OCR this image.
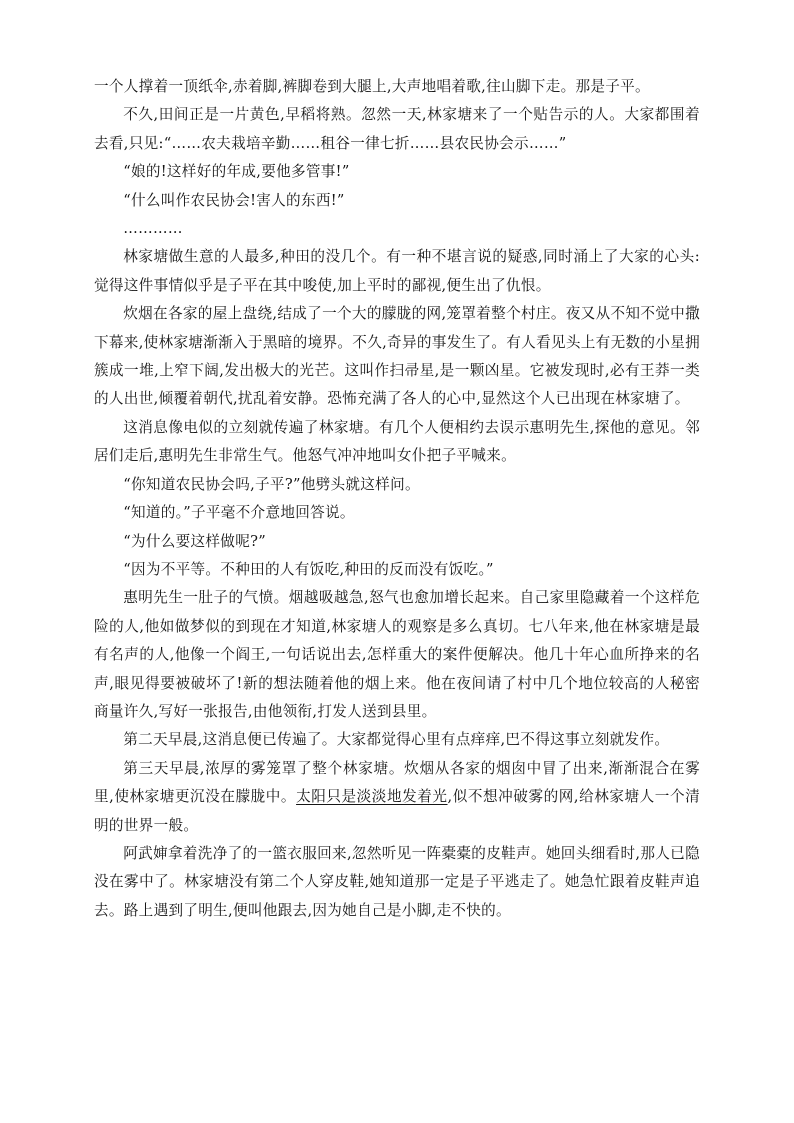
一个人撑着一顶纸伞,赤着脚,裤脚卷到大腿上,大声地唱着歌,往山脚下走。那是子平。

不久,田间正是一片黄色,早稻将熟。忽然一天,林家塘来了一个贴告示的人。大家都围着去看,只见:“……农夫栽培辛勤……租谷一律七折……县农民协会示……”

“娘的!这样好的年成,要他多管事!”

“什么叫作农民协会!害人的东西!”

…………

林家塘做生意的人最多,种田的没几个。有一种不堪言说的疑惑,同时涌上了大家的心头:觉得这件事情似乎是子平在其中唆使,加上平时的鄙视,便生出了仇恨。

炊烟在各家的屋上盘绕,结成了一个大的朦胧的网,笼罩着整个村庄。夜又从不知不觉中撒下幕来,使林家塘渐渐入于黑暗的境界。不久,奇异的事发生了。有人看见头上有无数的小星拥簇成一堆,上窄下阔,发出极大的光芒。这叫作扫帚星,是一颗凶星。它被发现时,必有王莽一类的人出世,倾覆着朝代,扰乱着安静。恐怖充满了各人的心中,显然这个人已出现在林家塘了。

这消息像电似的立刻就传遍了林家塘。有几个人便相约去误示惠明先生,探他的意见。邻居们走后,惠明先生非常生气。他怒气冲冲地叫女仆把子平喊来。

“你知道农民协会吗,子平?”他劈头就这样问。

“知道的。”子平毫不介意地回答说。

“为什么要这样做呢?”

“因为不平等。不种田的人有饭吃,种田的反而没有饭吃。”

惠明先生一肚子的气愤。烟越吸越急,怒气也愈加增长起来。自己家里隐藏着一个这样危险的人,他如做梦似的到现在才知道,林家塘人的观察是多么真切。七八年来,他在林家塘是最有名声的人,他像一个阎王,一句话说出去,怎样重大的案件便解决。他几十年心血所挣来的名声,眼见得要被破坏了!新的想法随着他的烟上来。他在夜间请了村中几个地位较高的人秘密商量许久,写好一张报告,由他领衔,打发人送到县里。

第二天早晨,这消息便已传遍了。大家都觉得心里有点痒痒,巴不得这事立刻就发作。

第三天早晨,浓厚的雾笼罩了整个林家塘。炊烟从各家的烟囱中冒了出来,渐渐混合在雾里,使林家塘更沉没在朦胧中。太阳只是淡淡地发着光,似不想冲破雾的网,给林家塘人一个清明的世界一般。

阿武婶拿着洗净了的一篮衣服回来,忽然听见一阵橐橐的皮鞋声。她回头细看时,那人已隐没在雾中了。林家塘没有第二个人穿皮鞋,她知道那一定是子平逃走了。她急忙跟着皮鞋声追去。路上遇到了明生,便叫他跟去,因为她自己是小脚,走不快的。
